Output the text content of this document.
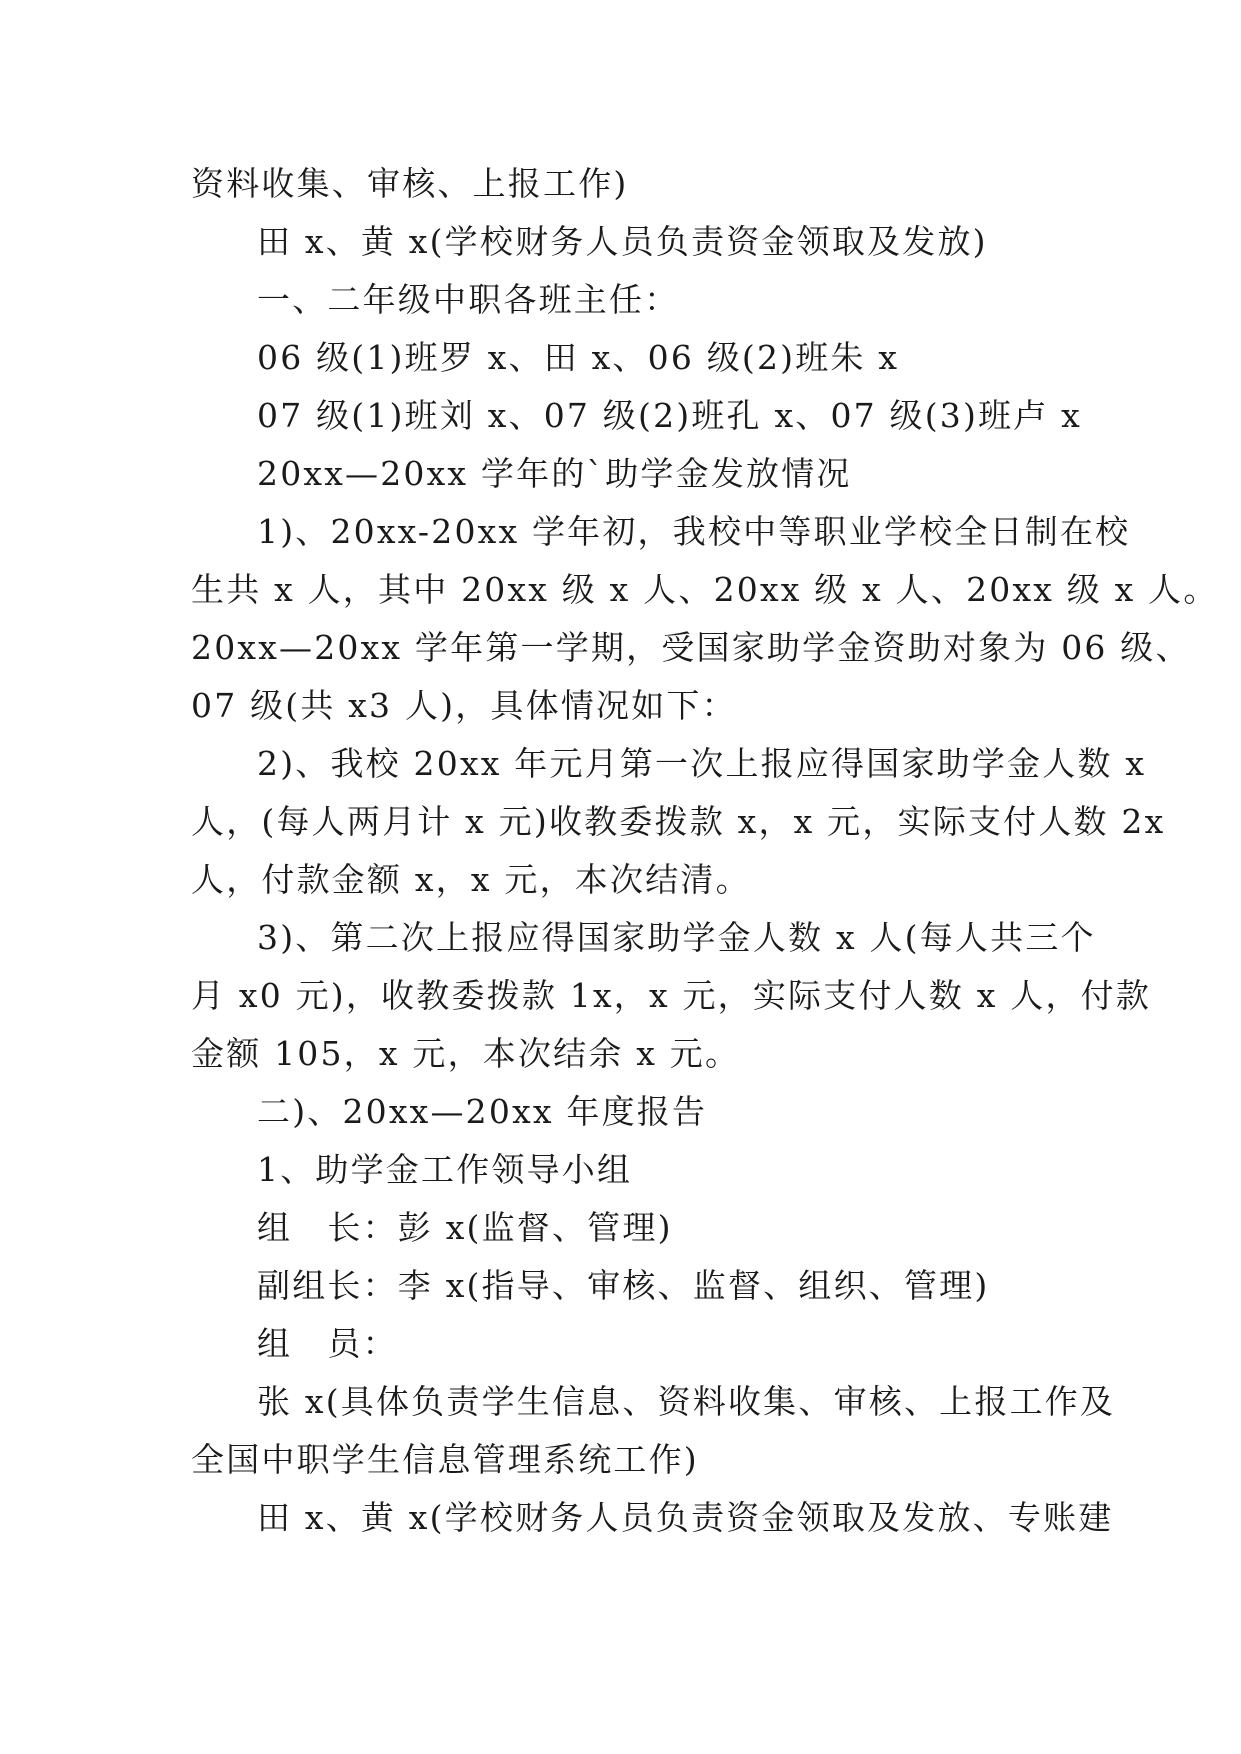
资料收集、审核、上报工作)
田 x、黄 x(学校财务人员负责资金领取及发放)
一、二年级中职各班主任：
06 级(1)班罗 x、田 x、06 级(2)班朱 x
07 级(1)班刘 x、07 级(2)班孔 x、07 级(3)班卢 x
20xx—20xx 学年的`助学金发放情况
1)、20xx-20xx 学年初，我校中等职业学校全日制在校
生共 x 人，其中 20xx 级 x 人、20xx 级 x 人、20xx 级 x 人。
20xx—20xx 学年第一学期，受国家助学金资助对象为 06 级、
07 级(共 x3 人)，具体情况如下：
2)、我校 20xx 年元月第一次上报应得国家助学金人数 x
人，(每人两月计 x 元)收教委拨款 x，x 元，实际支付人数 2x
人，付款金额 x，x 元，本次结清。
3)、第二次上报应得国家助学金人数 x 人(每人共三个
月 x0 元)，收教委拨款 1x，x 元，实际支付人数 x 人，付款
金额 105，x 元，本次结余 x 元。
二)、20xx—20xx 年度报告
1、助学金工作领导小组
组　长：彭 x(监督、管理)
副组长：李 x(指导、审核、监督、组织、管理)
组　员：
张 x(具体负责学生信息、资料收集、审核、上报工作及
全国中职学生信息管理系统工作)
田 x、黄 x(学校财务人员负责资金领取及发放、专账建
